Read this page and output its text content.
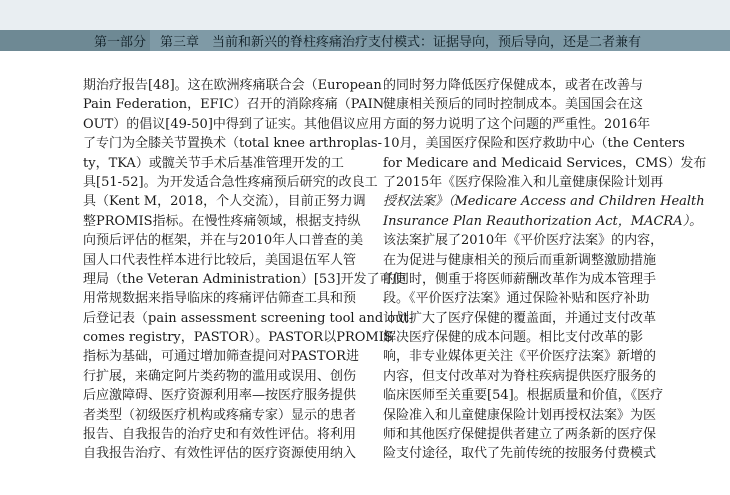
第一部分	第三章　当前和新兴的脊柱疼痛治疗支付模式：证据导向，预后导向，还是二者兼有
期治疗报告[48]。这在欧洲疼痛联合会（European
Pain Federation，EFIC）召开的消除疼痛（PAIN
OUT）的倡议[49-50]中得到了证实。其他倡议应用
了专门为全膝关节置换术（total knee arthroplas-
ty，TKA）或髋关节手术后基准管理开发的工
具[51-52]。为开发适合急性疼痛预后研究的改良工
具（Kent M，2018，个人交流），目前正努力调
整PROMIS指标。在慢性疼痛领域，根据支持纵
向预后评估的框架，并在与2010年人口普查的美
国人口代表性样本进行比较后，美国退伍军人管
理局（the Veteran Administration）[53]开发了可使
用常规数据来指导临床的疼痛评估筛查工具和预
后登记表（pain assessment screening tool and out-
comes registry，PASTOR）。PASTOR以PROMIS
指标为基础，可通过增加筛查提问对PASTOR进
行扩展，来确定阿片类药物的滥用或误用、创伤
后应激障碍、医疗资源利用率—按医疗服务提供
者类型（初级医疗机构或疼痛专家）显示的患者
报告、自我报告的治疗史和有效性评估。将利用
自我报告治疗、有效性评估的医疗资源使用纳入
的同时努力降低医疗保健成本，或者在改善与
健康相关预后的同时控制成本。美国国会在这
方面的努力说明了这个问题的严重性。2016年
10月，美国医疗保险和医疗救助中心（the Centers
for Medicare and Medicaid Services，CMS）发布
了2015年《医疗保险准入和儿童健康保险计划再
授权法案》（Medicare Access and Children Health
Insurance Plan Reauthorization Act，MACRA）。
该法案扩展了2010年《平价医疗法案》的内容，
在为促进与健康相关的预后而重新调整激励措施
的同时，侧重于将医师薪酬改革作为成本管理手
段。《平价医疗法案》通过保险补贴和医疗补助
计划扩大了医疗保健的覆盖面，并通过支付改革
解决医疗保健的成本问题。相比支付改革的影
响，非专业媒体更关注《平价医疗法案》新增的
内容，但支付改革对为脊柱疾病提供医疗服务的
临床医师至关重要[54]。根据质量和价值，《医疗
保险准入和儿童健康保险计划再授权法案》为医
师和其他医疗保健提供者建立了两条新的医疗保
险支付途径，取代了先前传统的按服务付费模式
